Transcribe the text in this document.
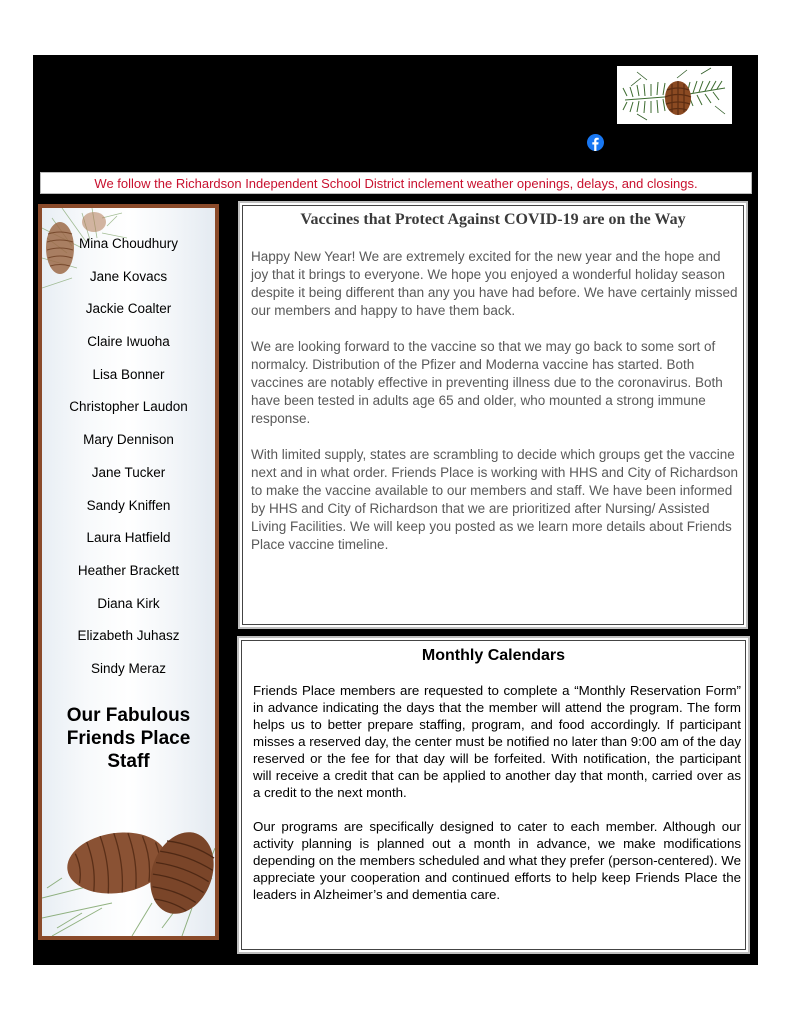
We follow the Richardson Independent School District inclement weather openings, delays, and closings.
Mina Choudhury
Jane Kovacs
Jackie Coalter
Claire Iwuoha
Lisa Bonner
Christopher Laudon
Mary Dennison
Jane Tucker
Sandy Kniffen
Laura Hatfield
Heather Brackett
Diana Kirk
Elizabeth Juhasz
Sindy Meraz
Our Fabulous
Friends Place
Staff
Vaccines that Protect Against COVID-19 are on the Way

Happy New Year! We are extremely excited for the new year and the hope and joy that it brings to everyone. We hope you enjoyed a wonderful holiday season despite it being different than any you have had before. We have certainly missed our members and happy to have them back.

We are looking forward to the vaccine so that we may go back to some sort of normalcy. Distribution of the Pfizer and Moderna vaccine has started. Both vaccines are notably effective in preventing illness due to the coronavirus. Both have been tested in adults age 65 and older, who mounted a strong immune response.

With limited supply, states are scrambling to decide which groups get the vaccine next and in what order. Friends Place is working with HHS and City of Richardson to make the vaccine available to our members and staff. We have been informed by HHS and City of Richardson that we are prioritized after Nursing/ Assisted Living Facilities. We will keep you posted as we learn more details about Friends Place vaccine timeline.

Monthly Calendars

Friends Place members are requested to complete a “Monthly Reservation Form” in advance indicating the days that the member will attend the program. The form helps us to better prepare staffing, program, and food accordingly. If participant misses a reserved day, the center must be notified no later than 9:00 am of the day reserved or the fee for that day will be forfeited. With notification, the participant will receive a credit that can be applied to another day that month, carried over as a credit to the next month.

Our programs are specifically designed to cater to each member. Although our activity planning is planned out a month in advance, we make modifications depending on the members scheduled and what they prefer (person-centered). We appreciate your cooperation and continued efforts to help keep Friends Place the leaders in Alzheimer’s and dementia care.
